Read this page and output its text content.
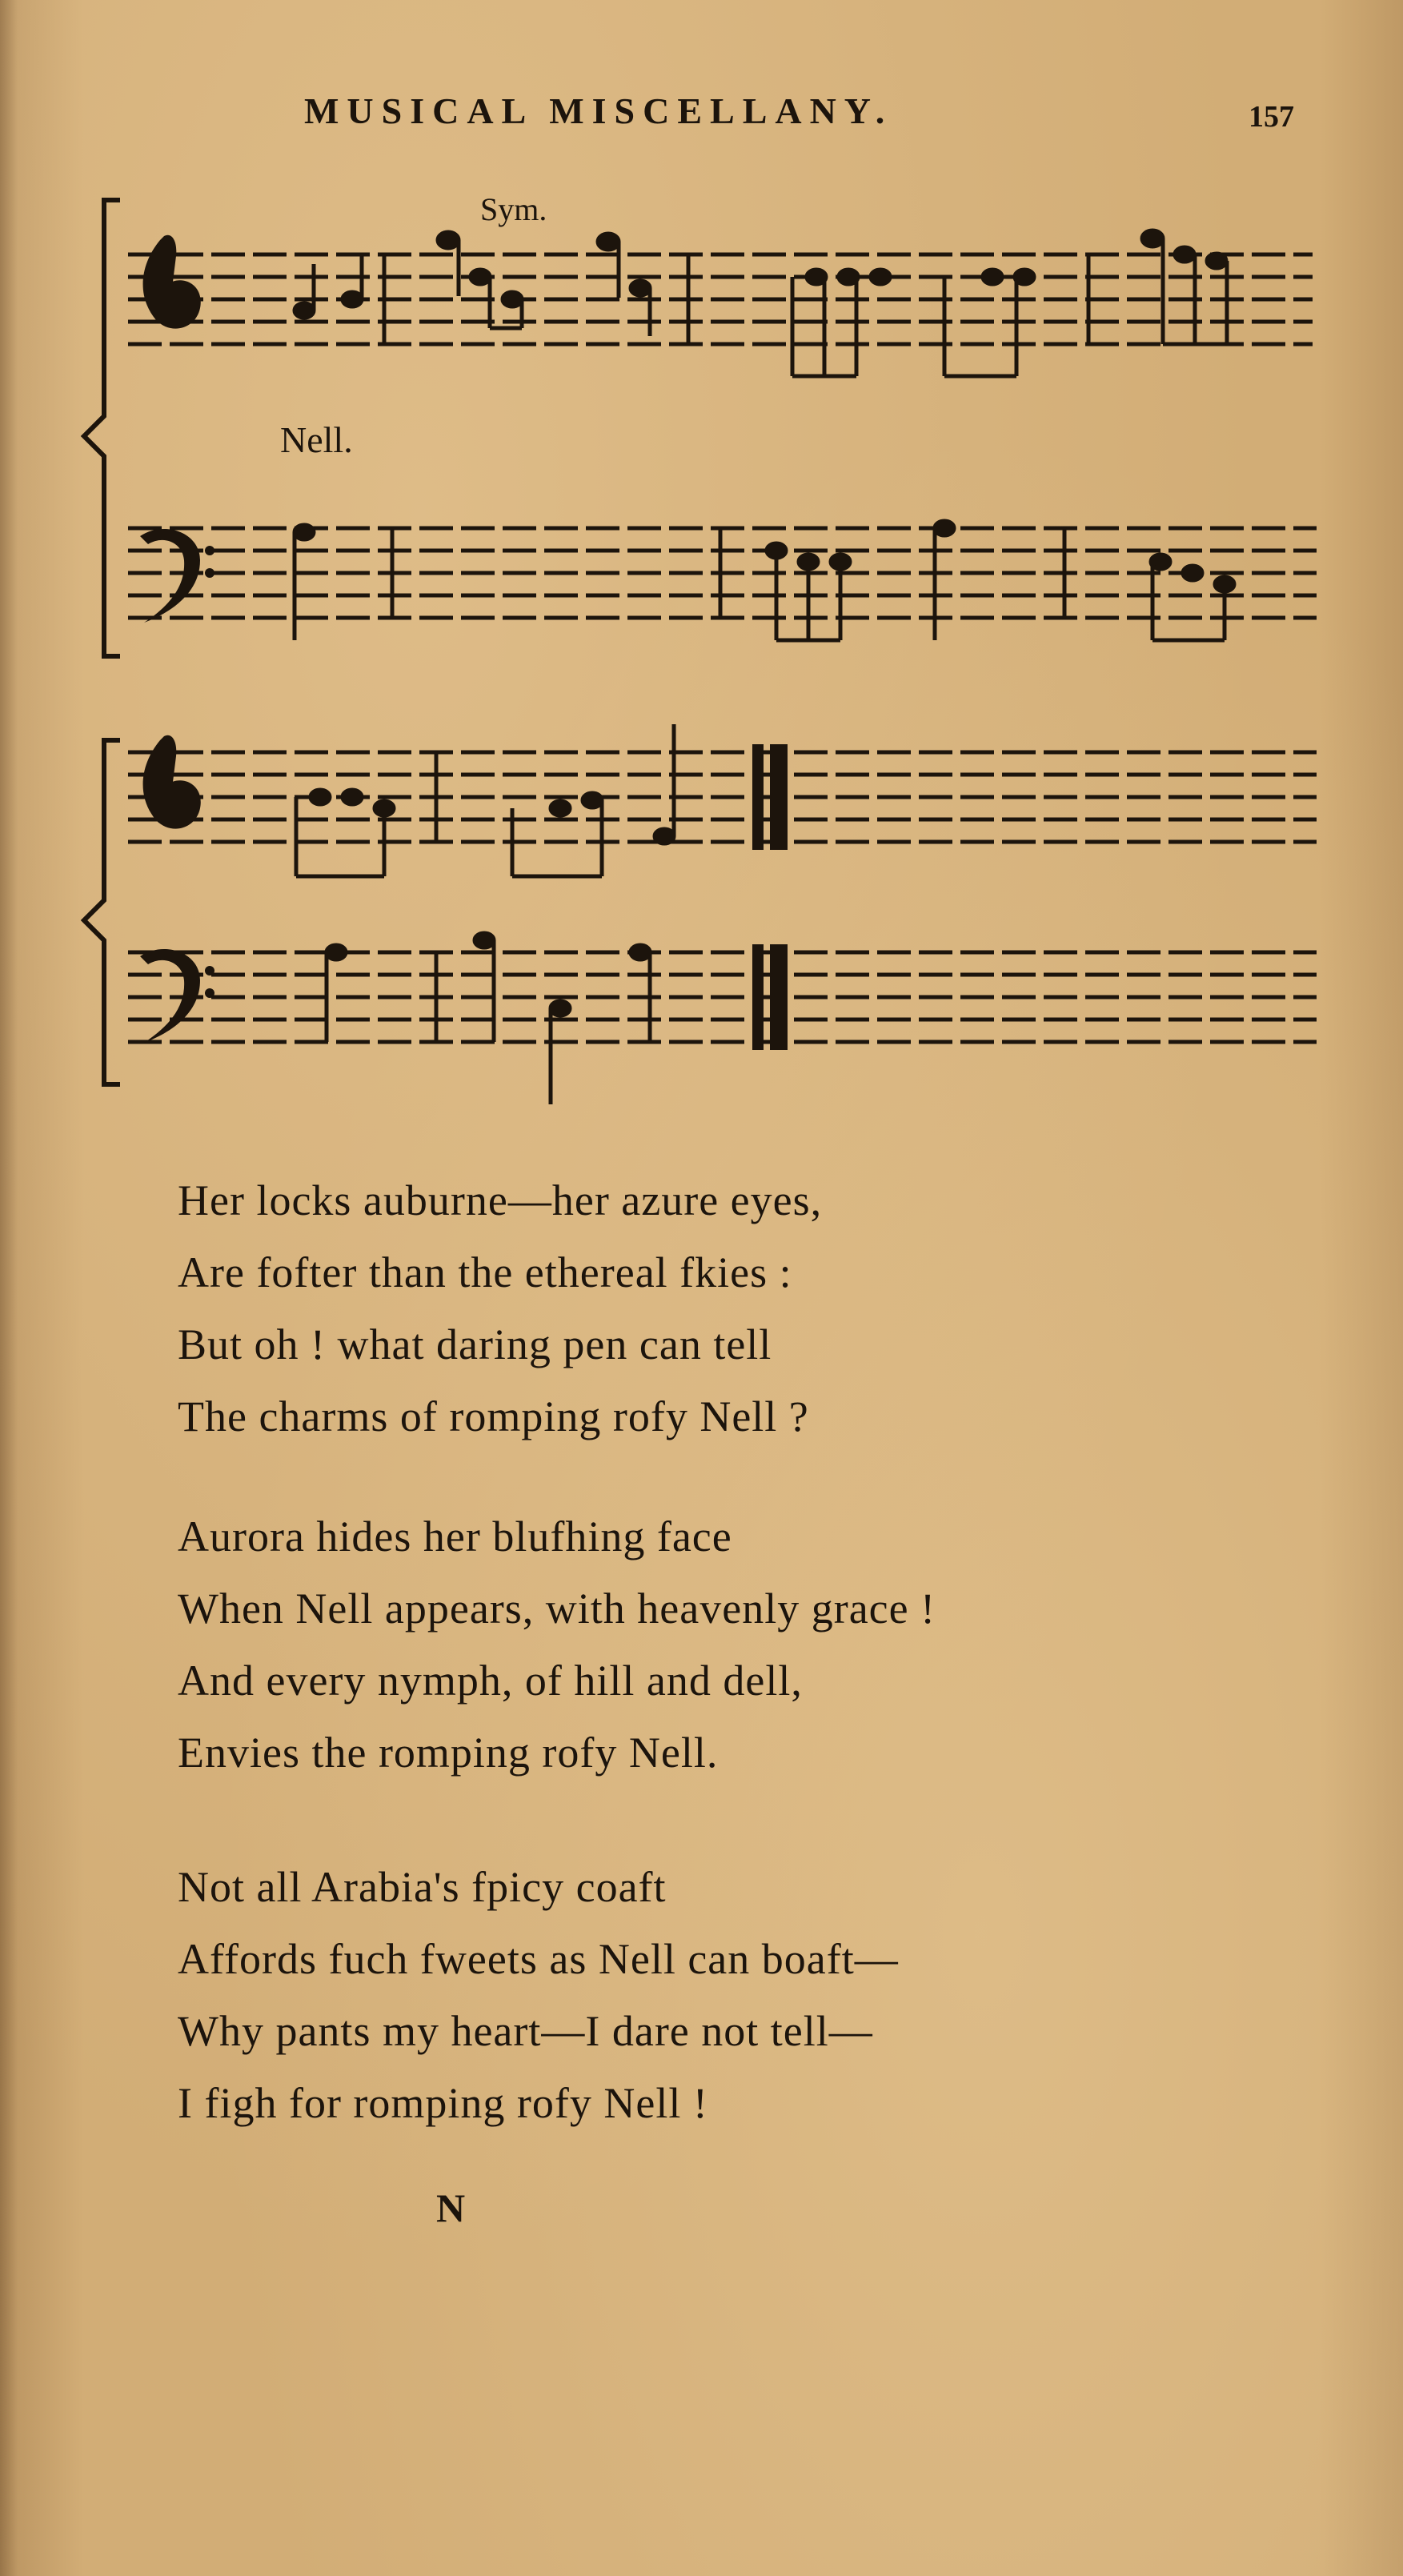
MUSICAL MISCELLANY.	157
Sym.
Nell.
Her locks auburne—her azure eyes,
Are fofter than the ethereal fkies :
But oh ! what daring pen can tell
The charms of romping rofy Nell ?
Aurora hides her blufhing face
When Nell appears, with heavenly grace !
And every nymph, of hill and dell,
Envies the romping rofy Nell.
Not all Arabia's fpicy coaft
Affords fuch fweets as Nell can boaft—
Why pants my heart—I dare not tell—
I figh for romping rofy Nell !
N
